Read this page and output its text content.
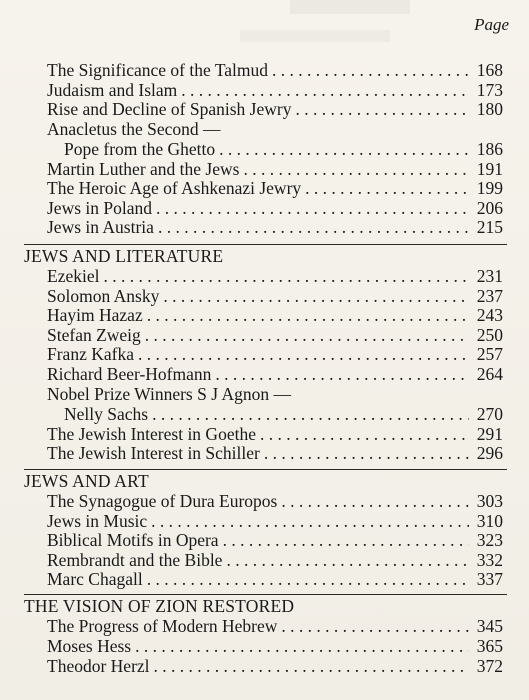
Page
The Significance of the Talmud . . .	168
Judaism and Islam . . .	173
Rise and Decline of Spanish Jewry . . .	180
Anacletus the Second —
Pope from the Ghetto . . .	186
Martin Luther and the Jews . . .	191
The Heroic Age of Ashkenazi Jewry . . .	199
Jews in Poland . . .	206
Jews in Austria . . .	215
JEWS AND LITERATURE
Ezekiel . . .	231
Solomon Ansky . . .	237
Hayim Hazaz . . .	243
Stefan Zweig . . .	250
Franz Kafka . . .	257
Richard Beer-Hofmann . . .	264
Nobel Prize Winners S J Agnon —
Nelly Sachs . . .	270
The Jewish Interest in Goethe . . .	291
The Jewish Interest in Schiller . . .	296
JEWS AND ART
The Synagogue of Dura Europos . . .	303
Jews in Music . . .	310
Biblical Motifs in Opera . . .	323
Rembrandt and the Bible . . .	332
Marc Chagall . . .	337
THE VISION OF ZION RESTORED
The Progress of Modern Hebrew . . .	345
Moses Hess . . .	365
Theodor Herzl . . .	372
